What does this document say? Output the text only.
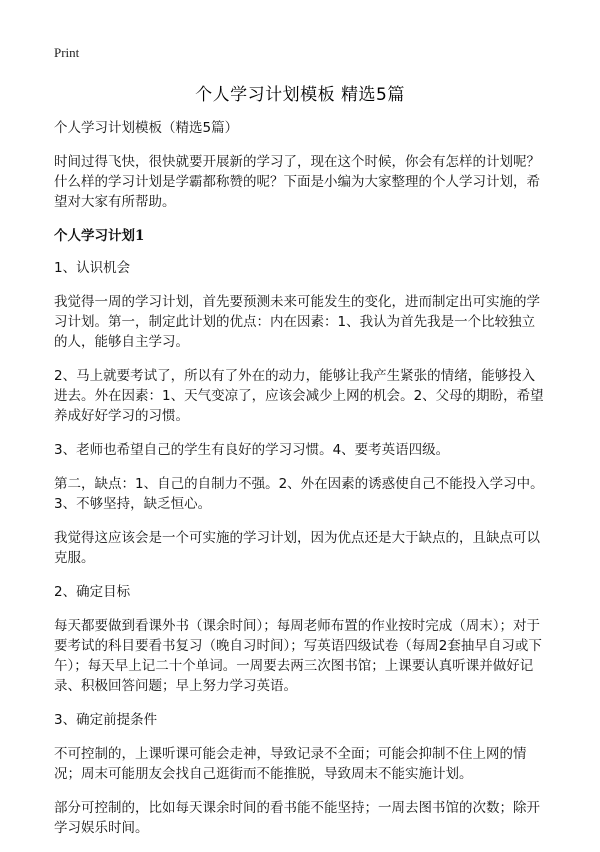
Print
个人学习计划模板 精选5篇

个人学习计划模板（精选5篇）

时间过得飞快，很快就要开展新的学习了，现在这个时候，你会有怎样的计划呢？什么样的学习计划是学霸都称赞的呢？下面是小编为大家整理的个人学习计划，希望对大家有所帮助。

个人学习计划1

1、认识机会

我觉得一周的学习计划，首先要预测未来可能发生的变化，进而制定出可实施的学习计划。第一，制定此计划的优点：内在因素：1、我认为首先我是一个比较独立的人，能够自主学习。

2、马上就要考试了，所以有了外在的动力，能够让我产生紧张的情绪，能够投入进去。外在因素：1、天气变凉了，应该会减少上网的机会。2、父母的期盼，希望养成好好学习的习惯。

3、老师也希望自己的学生有良好的学习习惯。4、要考英语四级。

第二，缺点：1、自己的自制力不强。2、外在因素的诱惑使自己不能投入学习中。3、不够坚持，缺乏恒心。

我觉得这应该会是一个可实施的学习计划，因为优点还是大于缺点的，且缺点可以克服。

2、确定目标

每天都要做到看课外书（课余时间）；每周老师布置的作业按时完成（周末）；对于要考试的科目要看书复习（晚自习时间）；写英语四级试卷（每周2套抽早自习或下午）；每天早上记二十个单词。一周要去两三次图书馆；上课要认真听课并做好记录、积极回答问题；早上努力学习英语。

3、确定前提条件

不可控制的，上课听课可能会走神，导致记录不全面；可能会抑制不住上网的情况；周末可能朋友会找自己逛街而不能推脱，导致周末不能实施计划。

部分可控制的，比如每天课余时间的看书能不能坚持；一周去图书馆的次数；除开学习娱乐时间。
